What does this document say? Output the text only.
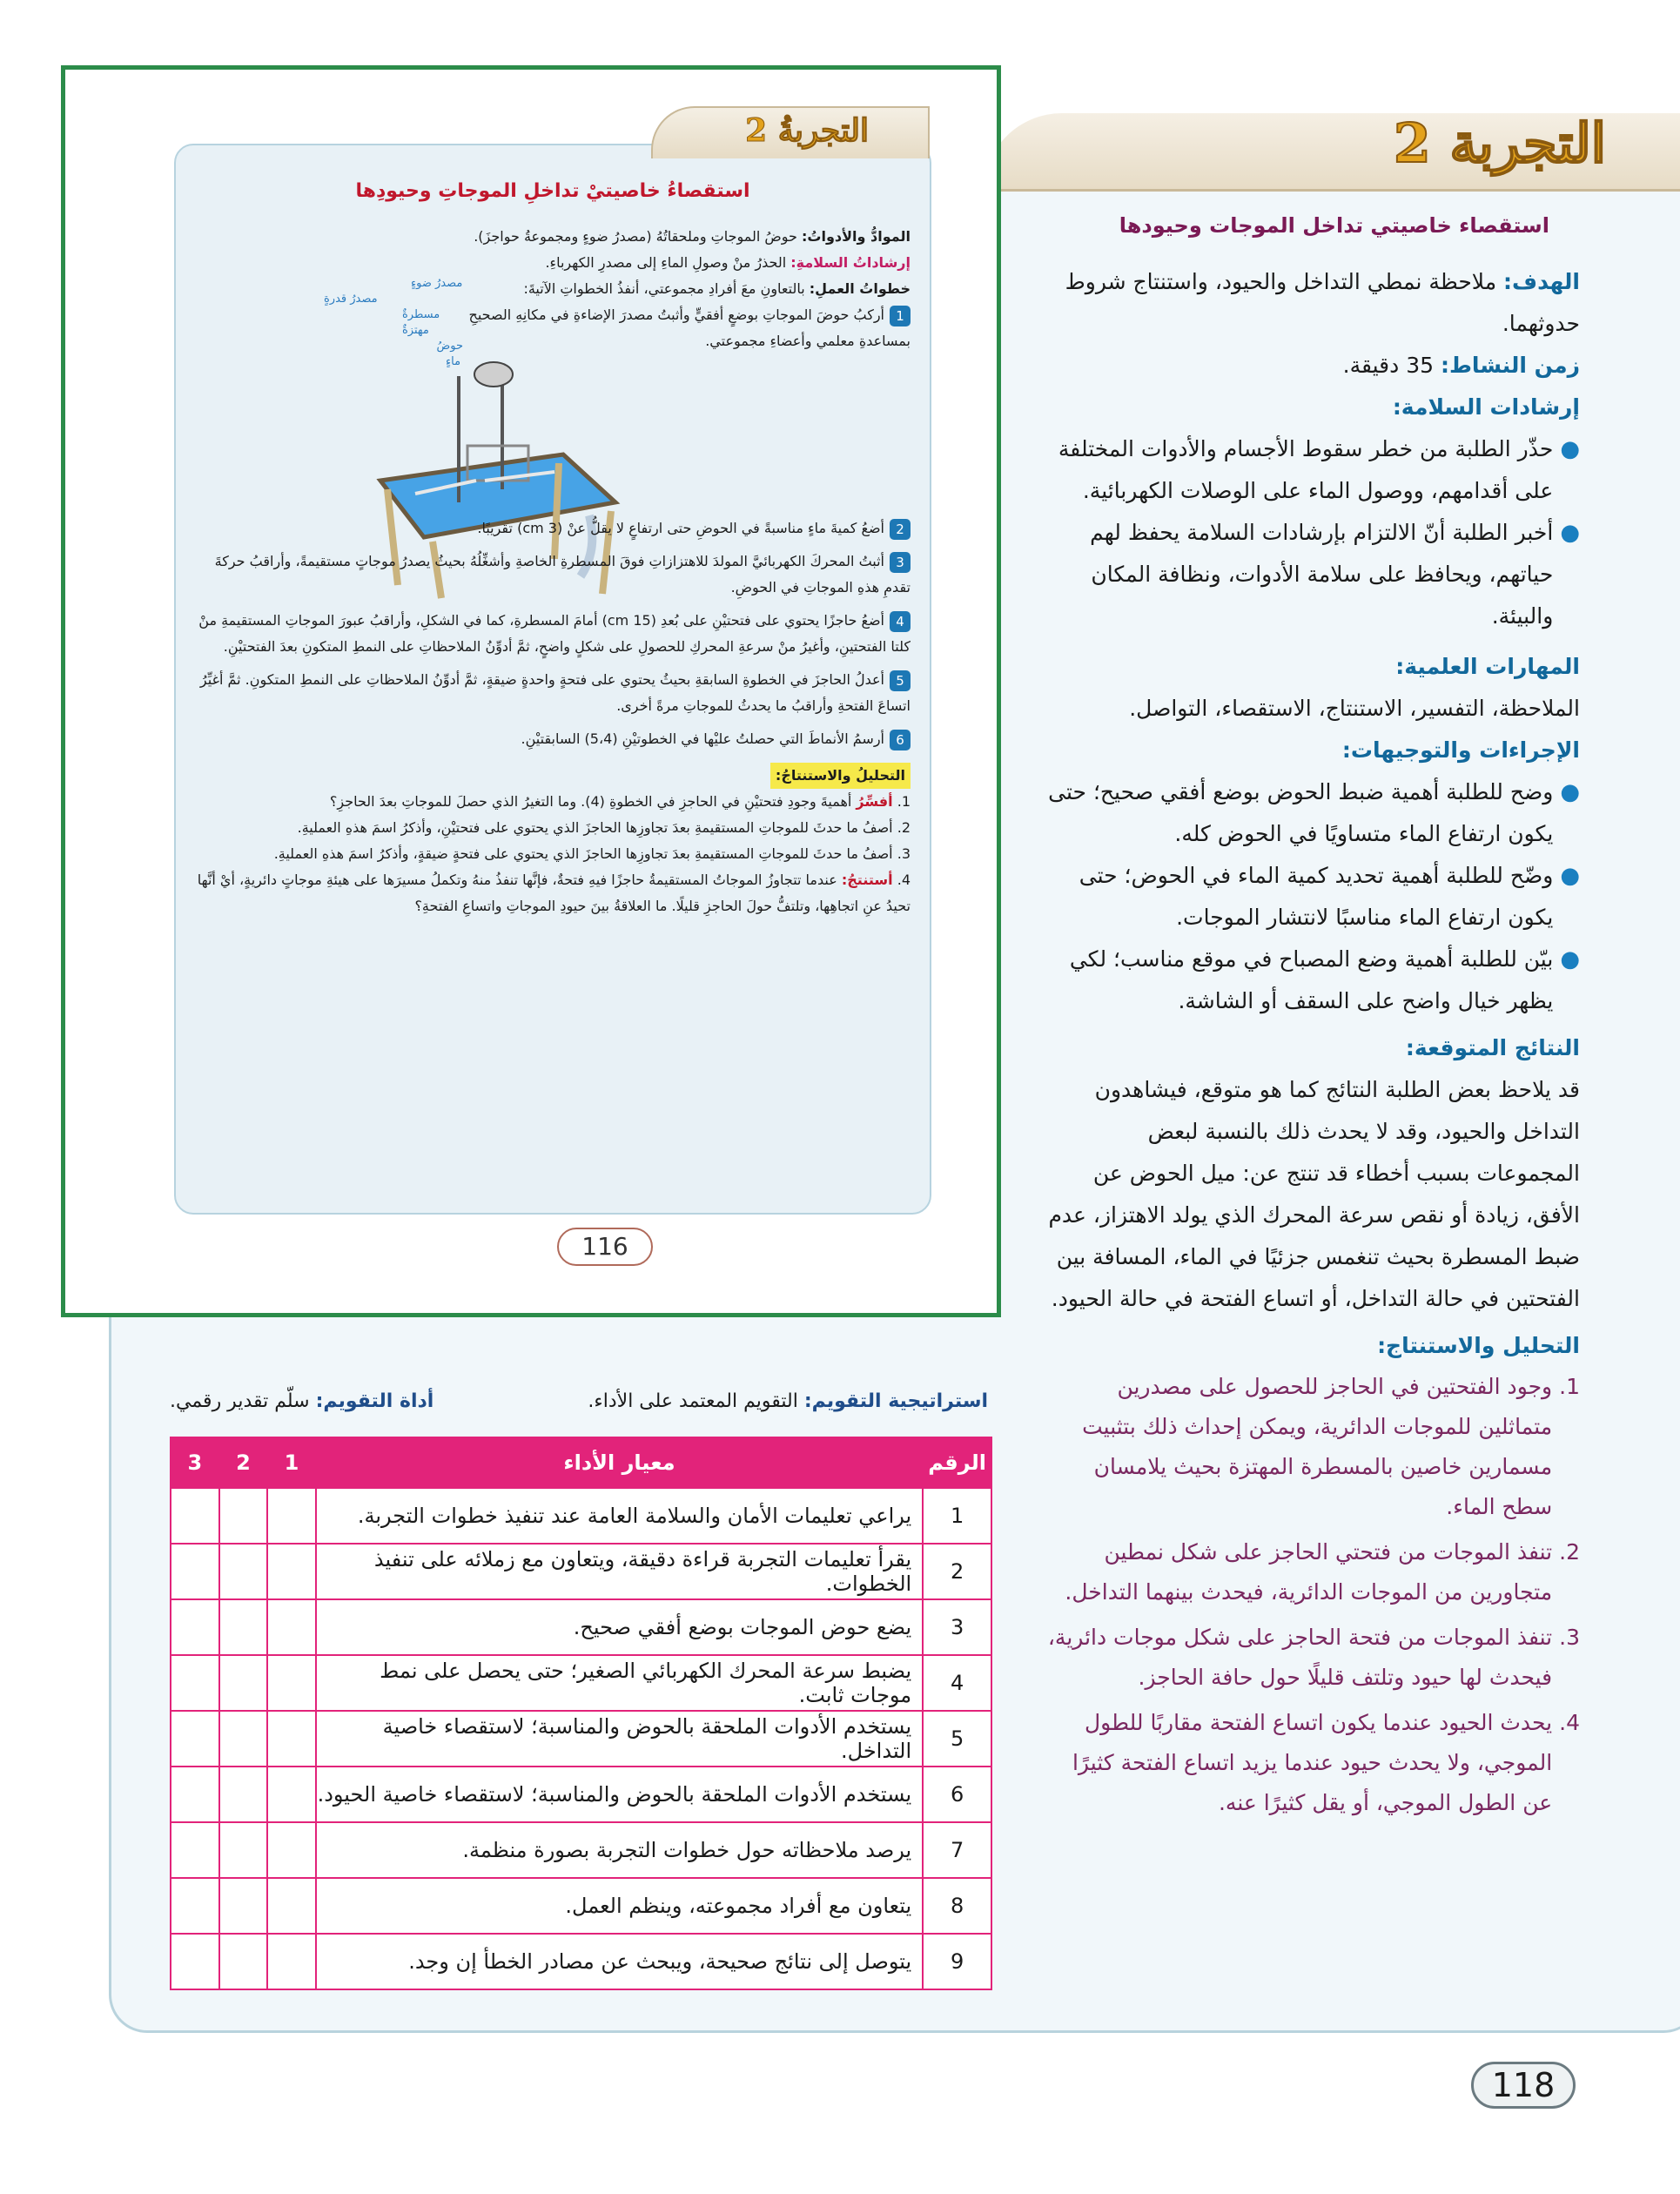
التجربة 2
استقصاء خاصيتي تداخل الموجات وحيودها
الهدف: ملاحظة نمطي التداخل والحيود، واستنتاج شروط حدوثهما.
زمن النشاط: 35 دقيقة.
إرشادات السلامة:
●
حذّر الطلبة من خطر سقوط الأجسام والأدوات المختلفة على أقدامهم، ووصول الماء على الوصلات الكهربائية.
●
أخبر الطلبة أنّ الالتزام بإرشادات السلامة يحفظ لهم حياتهم، ويحافظ على سلامة الأدوات، ونظافة المكان والبيئة.
المهارات العلمية:
الملاحظة، التفسير، الاستنتاج، الاستقصاء، التواصل.
الإجراءات والتوجيهات:
●
وضح للطلبة أهمية ضبط الحوض بوضع أفقي صحيح؛ حتى يكون ارتفاع الماء متساويًا في الحوض كله.
●
وضّح للطلبة أهمية تحديد كمية الماء في الحوض؛ حتى يكون ارتفاع الماء مناسبًا لانتشار الموجات.
●
بيّن للطلبة أهمية وضع المصباح في موقع مناسب؛ لكي يظهر خيال واضح على السقف أو الشاشة.
النتائج المتوقعة:
قد يلاحظ بعض الطلبة النتائج كما هو متوقع، فيشاهدون التداخل والحيود، وقد لا يحدث ذلك بالنسبة لبعض المجموعات بسبب أخطاء قد تنتج عن: ميل الحوض عن الأفق، زيادة أو نقص سرعة المحرك الذي يولد الاهتزاز، عدم ضبط المسطرة بحيث تنغمس جزئيًا في الماء، المسافة بين الفتحتين في حالة التداخل، أو اتساع الفتحة في حالة الحيود.
التحليل والاستنتاج:
1.
وجود الفتحتين في الحاجز للحصول على مصدرين متماثلين للموجات الدائرية، ويمكن إحداث ذلك بتثبيت مسمارين خاصين بالمسطرة المهتزة بحيث يلامسان سطح الماء.
2.
تنفذ الموجات من فتحتي الحاجز على شكل نمطين متجاورين من الموجات الدائرية، فيحدث بينهما التداخل.
3.
تنفذ الموجات من فتحة الحاجز على شكل موجات دائرية، فيحدث لها حيود وتلتف قليلًا حول حافة الحاجز.
4.
يحدث الحيود عندما يكون اتساع الفتحة مقاربًا للطول الموجي، ولا يحدث حيود عندما يزيد اتساع الفتحة كثيرًا عن الطول الموجي، أو يقل كثيرًا عنه.
التجربةُ 2
استقصاءُ خاصيتيْ تداخلِ الموجاتِ وحيودِها
مصدرُ ضوءٍ
مصدرُ قدرةٍ
مسطرةٌ مهتزةٌ
حوضُ ماءٍ
الموادُّ والأدواتُ: حوضُ الموجاتِ وملحقاتُهُ (مصدرُ ضوءٍ ومجموعةُ حواجزَ).
إرشاداتُ السلامةِ: الحذرُ منْ وصولِ الماءِ إلى مصدرِ الكهرباءِ.
خطواتُ العملِ: بالتعاونِ معَ أفرادِ مجموعتي، أنفذُ الخطواتِ الآتيةَ:
1أركبُ حوضَ الموجاتِ بوضعٍ أفقيٍّ وأثبتُ مصدرَ الإضاءةِ في مكانِهِ الصحيحِ بمساعدةِ معلمي وأعضاءِ مجموعتي.
2أضعُ كميةَ ماءٍ مناسبةً في الحوضِ حتى ارتفاعٍ لا يقلُّ عنْ (3 cm) تقريبًا.
3أثبتُ المحركَ الكهربائيَّ المولدَ للاهتزازاتِ فوقَ المسطرةِ الخاصةِ وأشغِّلُهُ بحيثُ يصدرُ موجاتٍ مستقيمةً، وأراقبُ حركةَ تقدمِ هذهِ الموجاتِ في الحوضِ.
4أضعُ حاجزًا يحتوي على فتحتيْنِ على بُعدِ (15 cm) أمامَ المسطرةِ، كما في الشكلِ، وأراقبُ عبورَ الموجاتِ المستقيمةِ منْ كلتا الفتحتينِ، وأغيرُ منْ سرعةِ المحركِ للحصولِ على شكلٍ واضحٍ، ثمَّ أدوِّنُ الملاحظاتِ على النمطِ المتكونِ بعدَ الفتحتيْنِ.
5أعدلُ الحاجزَ في الخطوةِ السابقةِ بحيثُ يحتوي على فتحةٍ واحدةٍ ضيقةٍ، ثمَّ أدوِّنُ الملاحظاتِ على النمطِ المتكونِ. ثمَّ أغيِّرُ اتساعَ الفتحةِ وأراقبُ ما يحدثُ للموجاتِ مرةً أخرى.
6أرسمُ الأنماطَ التي حصلتُ عليْها في الخطوتيْنِ (5،4) السابقتيْنِ.
التحليلُ والاستنتاجُ:
1. أفسِّرُ أهميةَ وجودِ فتحتيْنِ في الحاجزِ في الخطوةِ (4). وما التغيرُ الذي حصلَ للموجاتِ بعدَ الحاجزِ؟
2. أصفُ ما حدثَ للموجاتِ المستقيمةِ بعدَ تجاوزِها الحاجزَ الذي يحتوي على فتحتيْنِ، وأذكرُ اسمَ هذهِ العمليةِ.
3. أصفُ ما حدثَ للموجاتِ المستقيمةِ بعدَ تجاوزِها الحاجزَ الذي يحتوي على فتحةٍ ضيقةٍ، وأذكرُ اسمَ هذهِ العمليةِ.
4. أستنتجُ: عندما تتجاوزُ الموجاتُ المستقيمةُ حاجزًا فيهِ فتحةٌ، فإنَّها تنفذُ منهُ وتكملُ مسيرَها على هيئةِ موجاتٍ دائريةٍ، أيْ أنَّها تحيدُ عنِ اتجاهِها، وتلتفُّ حولَ الحاجزِ قليلًا. ما العلاقةُ بينَ حيودِ الموجاتِ واتساعِ الفتحةِ؟
116
استراتيجية التقويم: التقويم المعتمد على الأداء.
أداة التقويم: سلّم تقدير رقمي.
الرقم	معيار الأداء	1	2	3
1	يراعي تعليمات الأمان والسلامة العامة عند تنفيذ خطوات التجربة.			
2	يقرأ تعليمات التجربة قراءة دقيقة، ويتعاون مع زملائه على تنفيذ الخطوات.			
3	يضع حوض الموجات بوضع أفقي صحيح.			
4	يضبط سرعة المحرك الكهربائي الصغير؛ حتى يحصل على نمط موجات ثابت.			
5	يستخدم الأدوات الملحقة بالحوض والمناسبة؛ لاستقصاء خاصية التداخل.			
6	يستخدم الأدوات الملحقة بالحوض والمناسبة؛ لاستقصاء خاصية الحيود.			
7	يرصد ملاحظاته حول خطوات التجربة بصورة منظمة.			
8	يتعاون مع أفراد مجموعته، وينظم العمل.			
9	يتوصل إلى نتائج صحيحة، ويبحث عن مصادر الخطأ إن وجد.			
118
